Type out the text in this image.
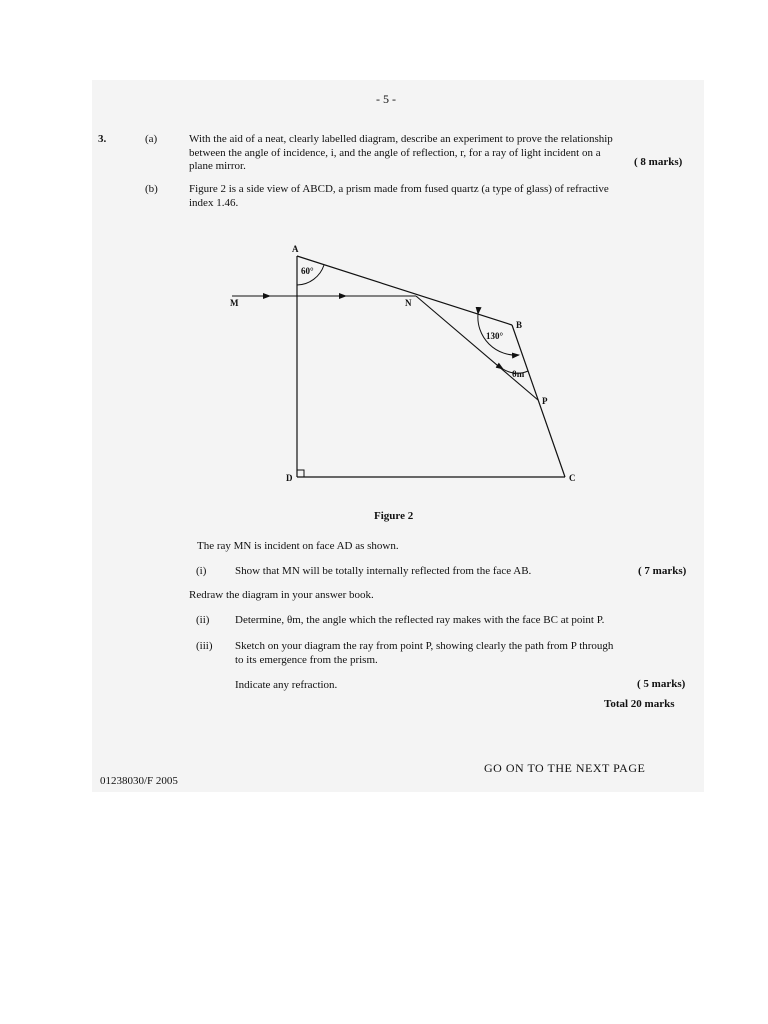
- 5 -
3.	(a)	With the aid of a neat, clearly labelled diagram, describe an experiment to prove the relationship
between the angle of incidence, i, and the angle of reflection, r, for a ray of light incident on a
plane mirror.	( 8 marks)
(b)	Figure 2 is a side view of ABCD, a prism made from fused quartz (a type of glass) of refractive
index 1.46.
A
B
C
D
M	N
P
60°
130°
θm
Figure 2
The ray MN is incident on face AD as shown.
(i)	Show that MN will be totally internally reflected from the face AB.	( 7 marks)
Redraw the diagram in your answer book.
(ii) Determine, θm, the angle which the reflected ray makes with the face BC at point P.
(iii) Sketch on your diagram the ray from point P, showing clearly the path from P through
to its emergence from the prism.
Indicate any refraction.	( 5 marks)
Total 20 marks
GO ON TO THE NEXT PAGE
01238030/F 2005
